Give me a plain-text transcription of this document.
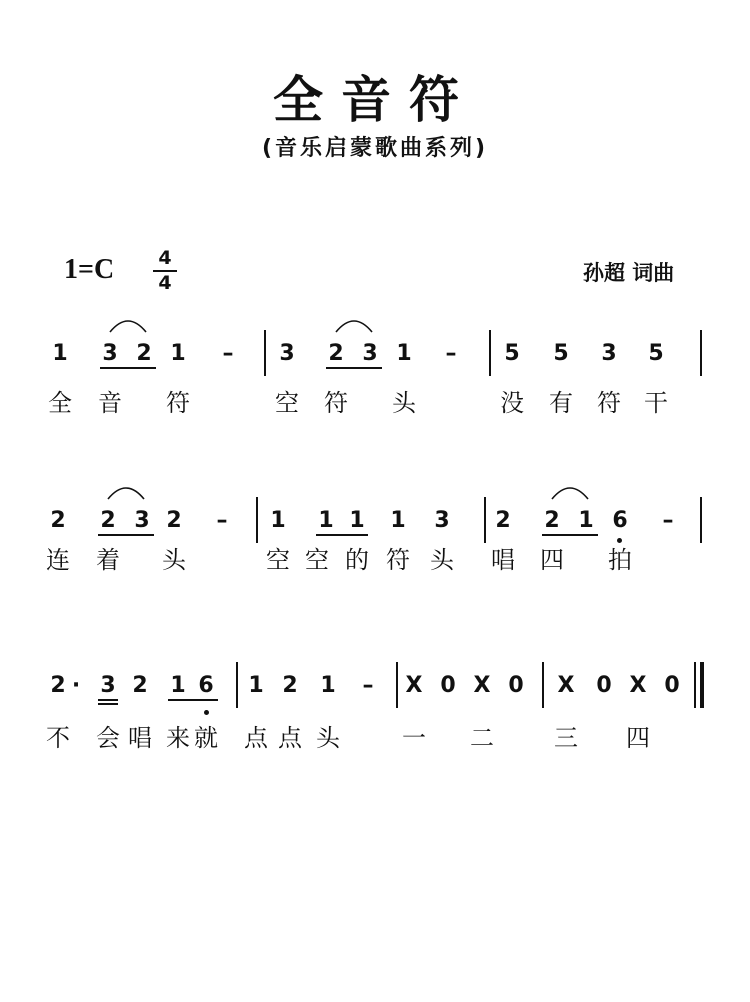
全音符
(音乐启蒙歌曲系列)
1=C 4
4	孙超 词曲
1 3 2 1 – 3 2 3 1 – 5 5 3 5
全 音 符	空 符 头	没 有 符 干
2 2 3 2 – 1 1 1 1 3 2 2 1 6 –
连 着 头	空 空 的 符 头 唱 四 拍
2 · 3 2 1 6 1 2 1 – X 0 X 0 X 0 X 0
不 会 唱 来 就 点 点 头	一 二	三 四
